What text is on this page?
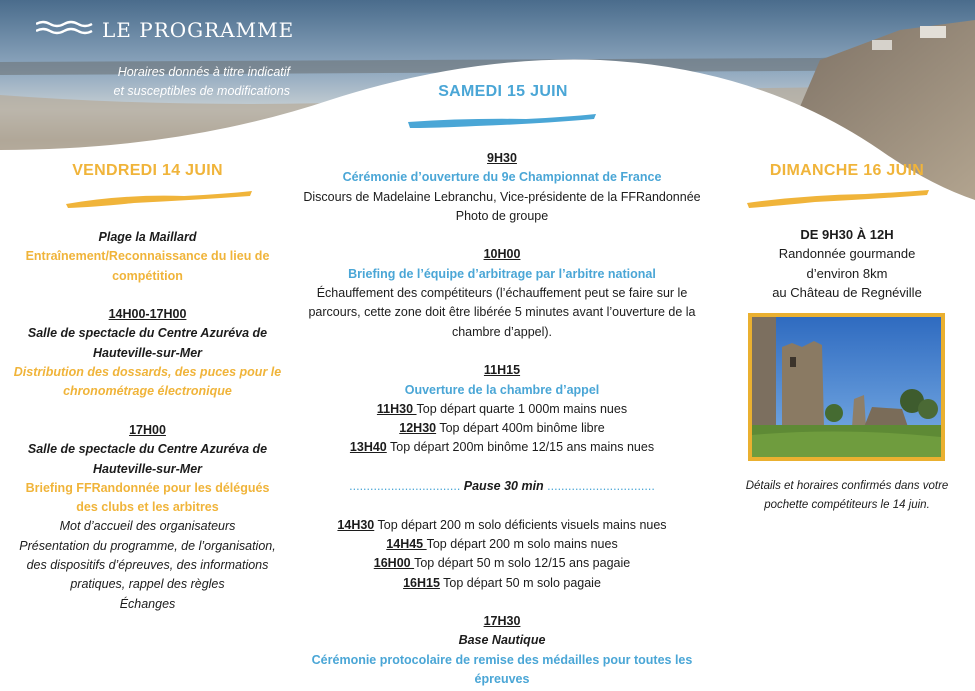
LE PROGRAMME
Horaires donnés à titre indicatif
et susceptibles de modifications
VENDREDI 14 JUIN
Plage la Maillard
Entraînement/Reconnaissance du lieu de
compétition
14H00-17H00
Salle de spectacle du Centre Azuréva de
Hauteville-sur-Mer
Distribution des dossards, des puces pour le
chronométrage électronique
17H00
Salle de spectacle du Centre Azuréva de
Hauteville-sur-Mer
Briefing FFRandonnée pour les délégués
des clubs et les arbitres
Mot d’accueil des organisateurs
Présentation du programme, de l’organisation,
des dispositifs d’épreuves, des informations
pratiques, rappel des règles
Échanges
SAMEDI 15 JUIN
9H30
Cérémonie d’ouverture du 9e Championnat de France
Discours de Madelaine Lebranchu, Vice-présidente de la FFRandonnée
Photo de groupe
10H00
Briefing de l’équipe d’arbitrage par l’arbitre national
Échauffement des compétiteurs (l’échauffement peut se faire sur le
parcours, cette zone doit être libérée 5 minutes avant l’ouverture de la
chambre d’appel).
11H15
Ouverture de la chambre d’appel
11H30 Top départ quarte 1 000m mains nues
12H30 Top départ 400m binôme libre
13H40 Top départ 200m binôme 12/15 ans mains nues
................................ Pause 30 min ...............................
14H30 Top départ 200 m solo déficients visuels mains nues
14H45 Top départ 200 m solo mains nues
16H00 Top départ 50 m solo 12/15 ans pagaie
16H15 Top départ 50 m solo pagaie
17H30
Base Nautique
Cérémonie protocolaire de remise des médailles pour toutes les
épreuves
DIMANCHE 16 JUIN
DE 9H30 À 12H
Randonnée gourmande
d’environ 8km
au Château de Regnéville
Détails et horaires confirmés dans votre
pochette compétiteurs le 14 juin.
